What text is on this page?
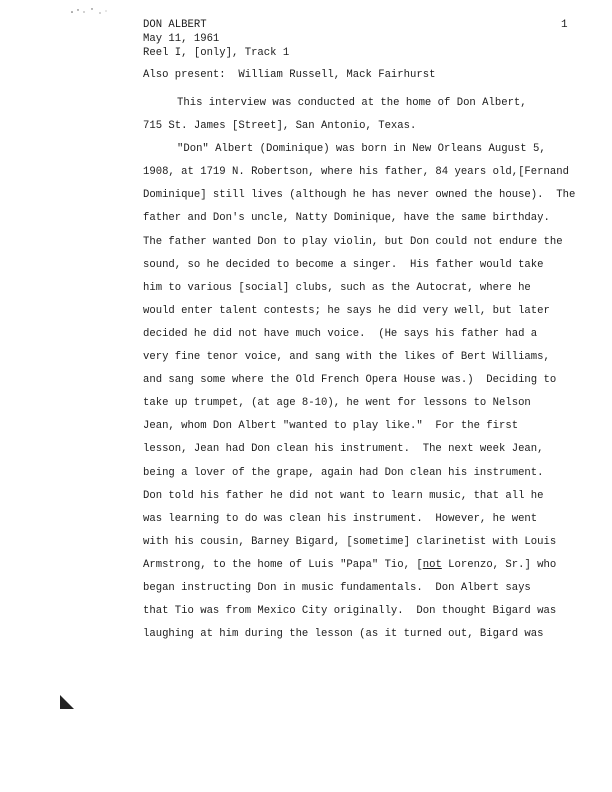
DON ALBERT
May 11, 1961
Reel I, [only], Track 1
1
Also present:  William Russell, Mack Fairhurst
This interview was conducted at the home of Don Albert,
715 St. James [Street], San Antonio, Texas.
"Don" Albert (Dominique) was born in New Orleans August 5,
1908, at 1719 N. Robertson, where his father, 84 years old,[Fernand
Dominique] still lives (although he has never owned the house).  The
father and Don's uncle, Natty Dominique, have the same birthday.
The father wanted Don to play violin, but Don could not endure the
sound, so he decided to become a singer.  His father would take
him to various [social] clubs, such as the Autocrat, where he
would enter talent contests; he says he did very well, but later
decided he did not have much voice.  (He says his father had a
very fine tenor voice, and sang with the likes of Bert Williams,
and sang some where the Old French Opera House was.)  Deciding to
take up trumpet, (at age 8-10), he went for lessons to Nelson
Jean, whom Don Albert "wanted to play like."  For the first
lesson, Jean had Don clean his instrument.  The next week Jean,
being a lover of the grape, again had Don clean his instrument.
Don told his father he did not want to learn music, that all he
was learning to do was clean his instrument.  However, he went
with his cousin, Barney Bigard, [sometime] clarinetist with Louis
Armstrong, to the home of Luis "Papa" Tio, [not Lorenzo, Sr.] who
began instructing Don in music fundamentals.  Don Albert says
that Tio was from Mexico City originally.  Don thought Bigard was
laughing at him during the lesson (as it turned out, Bigard was
